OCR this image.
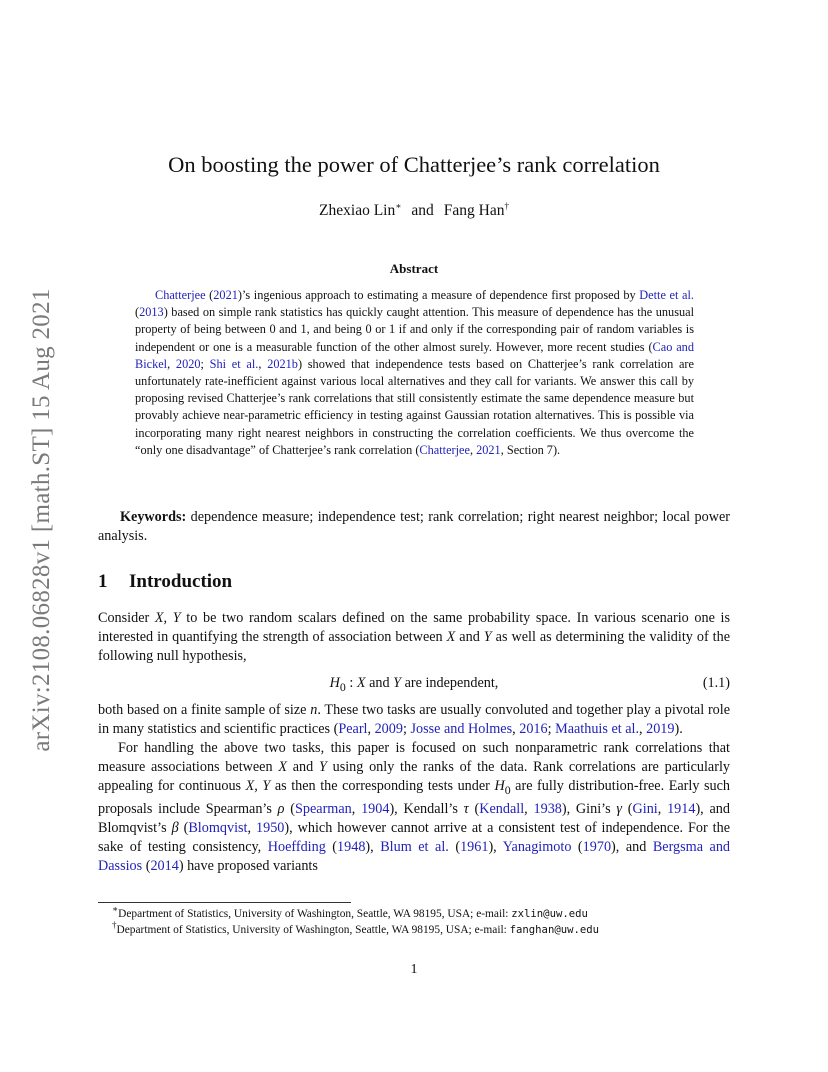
arXiv:2108.06828v1 [math.ST] 15 Aug 2021
On boosting the power of Chatterjee’s rank correlation
Zhexiao Lin∗ and Fang Han†
Abstract

Chatterjee (2021)’s ingenious approach to estimating a measure of dependence first proposed by Dette et al. (2013) based on simple rank statistics has quickly caught attention. This measure of dependence has the unusual property of being between 0 and 1, and being 0 or 1 if and only if the corresponding pair of random variables is independent or one is a measurable function of the other almost surely. However, more recent studies (Cao and Bickel, 2020; Shi et al., 2021b) showed that independence tests based on Chatterjee’s rank correlation are unfortunately rate-inefficient against various local alternatives and they call for variants. We answer this call by proposing revised Chatterjee’s rank correlations that still consistently estimate the same dependence measure but provably achieve near-parametric efficiency in testing against Gaussian rotation alternatives. This is possible via incorporating many right nearest neighbors in constructing the correlation coefficients. We thus overcome the “only one disadvantage” of Chatterjee’s rank correlation (Chatterjee, 2021, Section 7).

Keywords: dependence measure; independence test; rank correlation; right nearest neighbor; local power analysis.

1 Introduction

Consider X, Y to be two random scalars defined on the same probability space. In various scenario one is interested in quantifying the strength of association between X and Y as well as determining the validity of the following null hypothesis,

$H_0$ : X and Y are independent,	(1.1)

both based on a finite sample of size n. These two tasks are usually convoluted and together play a pivotal role in many statistics and scientific practices (Pearl, 2009; Josse and Holmes, 2016; Maathuis et al., 2019).

For handling the above two tasks, this paper is focused on such nonparametric rank correlations that measure associations between X and Y using only the ranks of the data. Rank correlations are particularly appealing for continuous X, Y as then the corresponding tests under $H_0$ are fully distribution-free. Early such proposals include Spearman’s ρ (Spearman, 1904), Kendall’s τ (Kendall, 1938), Gini’s γ (Gini, 1914), and Blomqvist’s β (Blomqvist, 1950), which however cannot arrive at a consistent test of independence. For the sake of testing consistency, Hoeffding (1948), Blum et al. (1961), Yanagimoto (1970), and Bergsma and Dassios (2014) have proposed variants

∗Department of Statistics, University of Washington, Seattle, WA 98195, USA; e-mail: zxlin@uw.edu

†Department of Statistics, University of Washington, Seattle, WA 98195, USA; e-mail: fanghan@uw.edu

1
